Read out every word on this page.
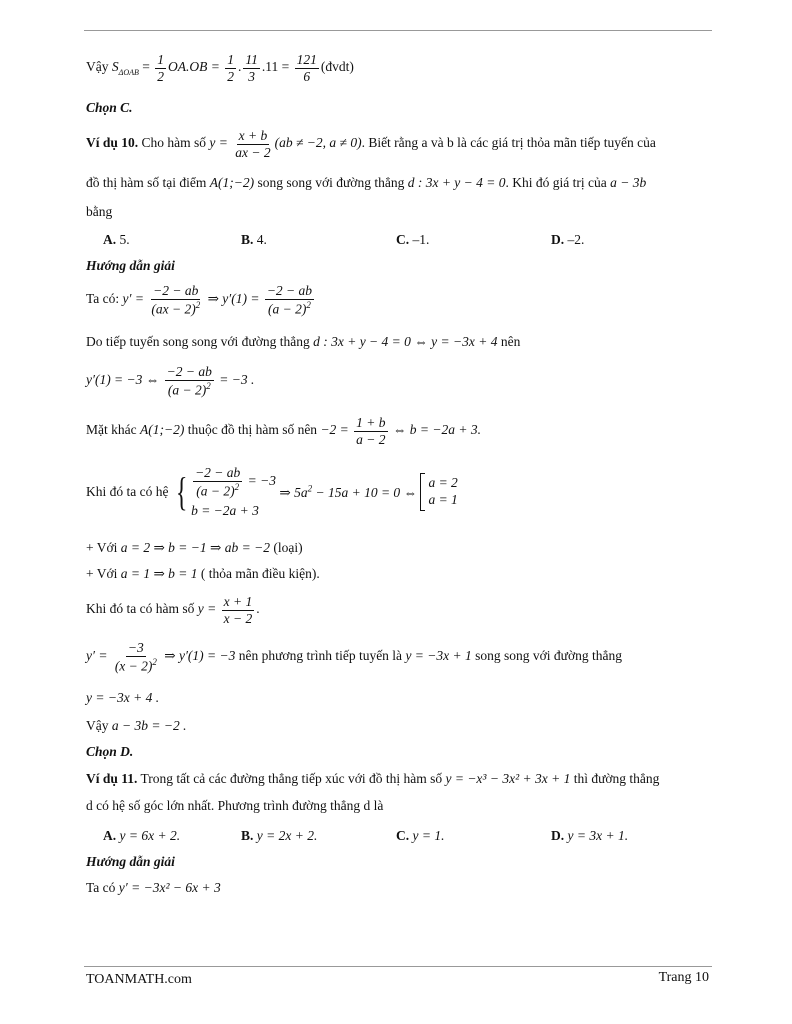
Vậy $S_{\Delta OAB} = \frac{1}{2} OA.OB = \frac{1}{2}$ . $\frac{11}{3} .11 = \frac{121}{6}$ (đvdt)
Chọn C.
Ví dụ 10. Cho hàm số $y = \frac{x + b}{ax - 2} (ab \ne -2$, a ≠ 0). Biết rằng a và b là các giá trị thỏa mãn tiếp tuyến của
đồ thị hàm số tại điểm A(1;−2) song song với đường thẳng d : 3x + y − 4 = 0. Khi đó giá trị của a − 3b
bằng
A. 5.	B. 4.	C. –1.	D. –2.
Hướng dẫn giải
Ta có: $y' = \frac{-2 - ab}{(ax - 2)^2}$ ⇒ $y'(1) = \frac{-2 - ab}{(a - 2)^2}$
Do tiếp tuyến song song với đường thẳng d : 3x + y − 4 = 0 ⇔ y = −3x + 4 nên
y′(1) = −3 ⇔ $\frac{-2 - ab}{(a - 2)^2} = -3$ .
Mặt khác A(1;−2) thuộc đồ thị hàm số nên $-2 = \frac{1 + b}{a - 2}$ ⇔ b = −2a + 3.
Khi đó ta có hệ { $\frac{-2 - ab}{(a - 2)^2} = -3$
b = −2a + 3
⇒ $5a^2 - 15a + 10 = 0$ ⇔
a = 2
a = 1
+ Với a = 2 ⇒ b = −1 ⇒ ab = −2 (loại)
+ Với a = 1 ⇒ b = 1 ( thỏa mãn điều kiện).
Khi đó ta có hàm số $y = \frac{x + 1}{x - 2}$ .
$y' = \frac{-3}{(x - 2)^2}$ ⇒ y′(1) = −3 nên phương trình tiếp tuyến là y = −3x + 1 song song với đường thẳng
y = −3x + 4 .
Vậy a − 3b = −2 .
Chọn D.
Ví dụ 11. Trong tất cả các đường thẳng tiếp xúc với đồ thị hàm số y = −x³ − 3x² + 3x + 1 thì đường thẳng
d có hệ số góc lớn nhất. Phương trình đường thẳng d là
A. y = 6x + 2.	B. y = 2x + 2.	C. y = 1.	D. y = 3x + 1.
Hướng dẫn giải
Ta có y′ = −3x² − 6x + 3
TOANMATH.com	Trang 10
